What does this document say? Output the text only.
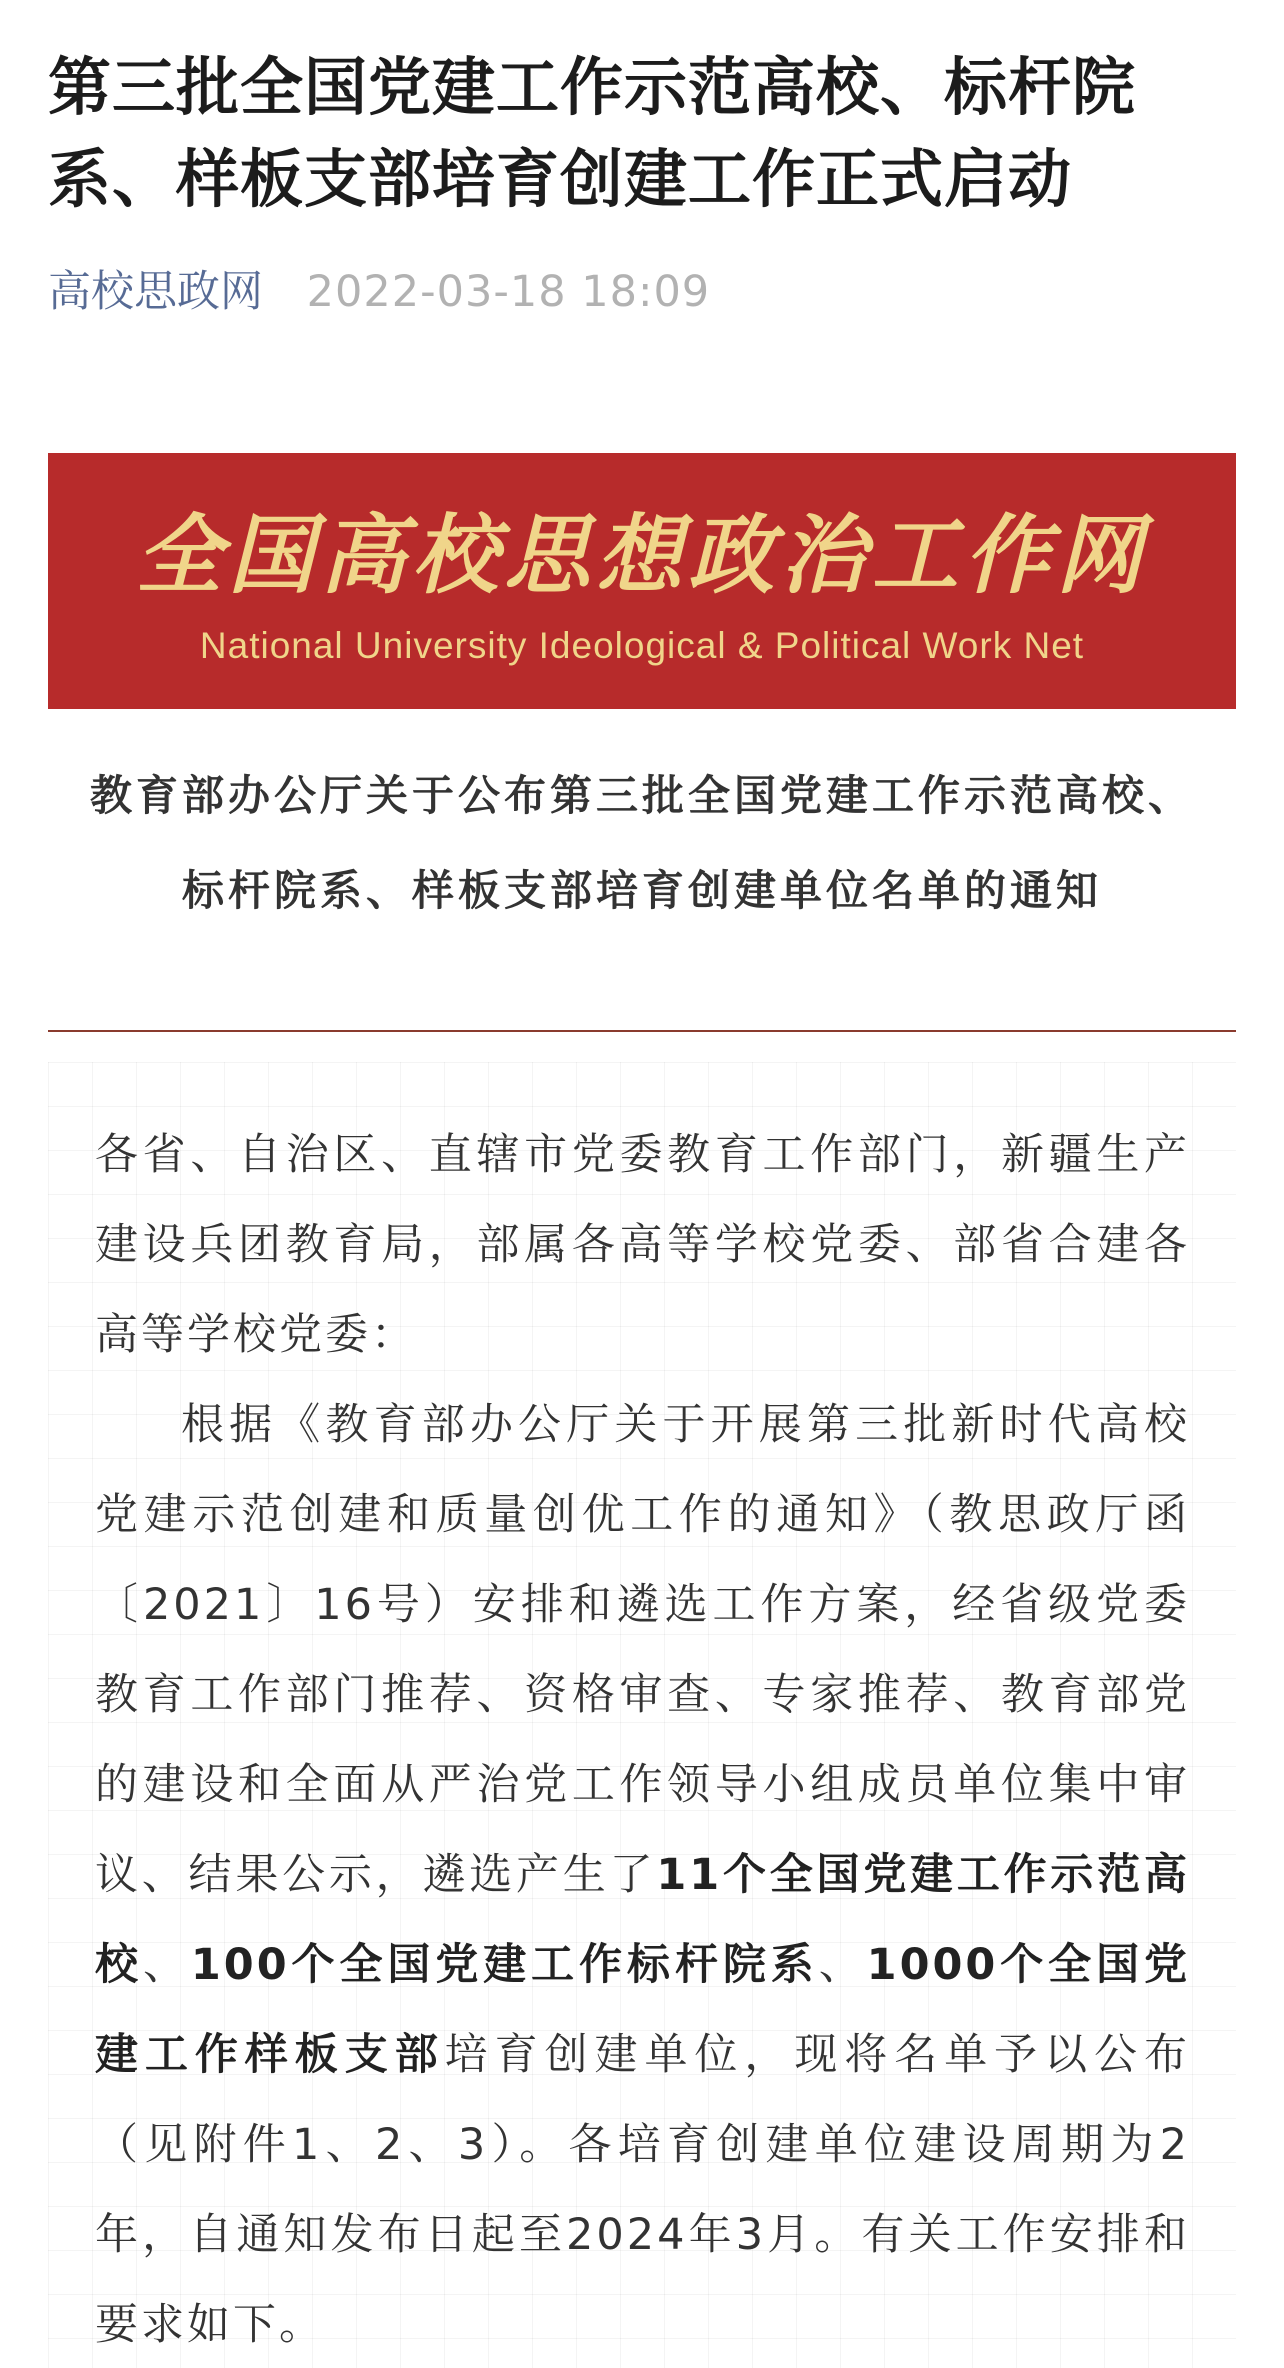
第三批全国党建工作示范高校、标杆院系、样板支部培育创建工作正式启动
高校思政网 2022-03-18 18:09
全国高校思想政治工作网
National University Ideological & Political Work Net
教育部办公厅关于公布第三批全国党建工作示范高校、标杆院系、样板支部培育创建单位名单的通知

各省、自治区、直辖市党委教育工作部门，新疆生产建设兵团教育局，部属各高等学校党委、部省合建各高等学校党委：

根据《教育部办公厅关于开展第三批新时代高校党建示范创建和质量创优工作的通知》（教思政厅函〔2021〕16号）安排和遴选工作方案，经省级党委教育工作部门推荐、资格审查、专家推荐、教育部党的建设和全面从严治党工作领导小组成员单位集中审议、结果公示，遴选产生了11个全国党建工作示范高校、100个全国党建工作标杆院系、1000个全国党建工作样板支部培育创建单位，现将名单予以公布（见附件1、2、3）。各培育创建单位建设周期为2年，自通知发布日起至2024年3月。有关工作安排和要求如下。
